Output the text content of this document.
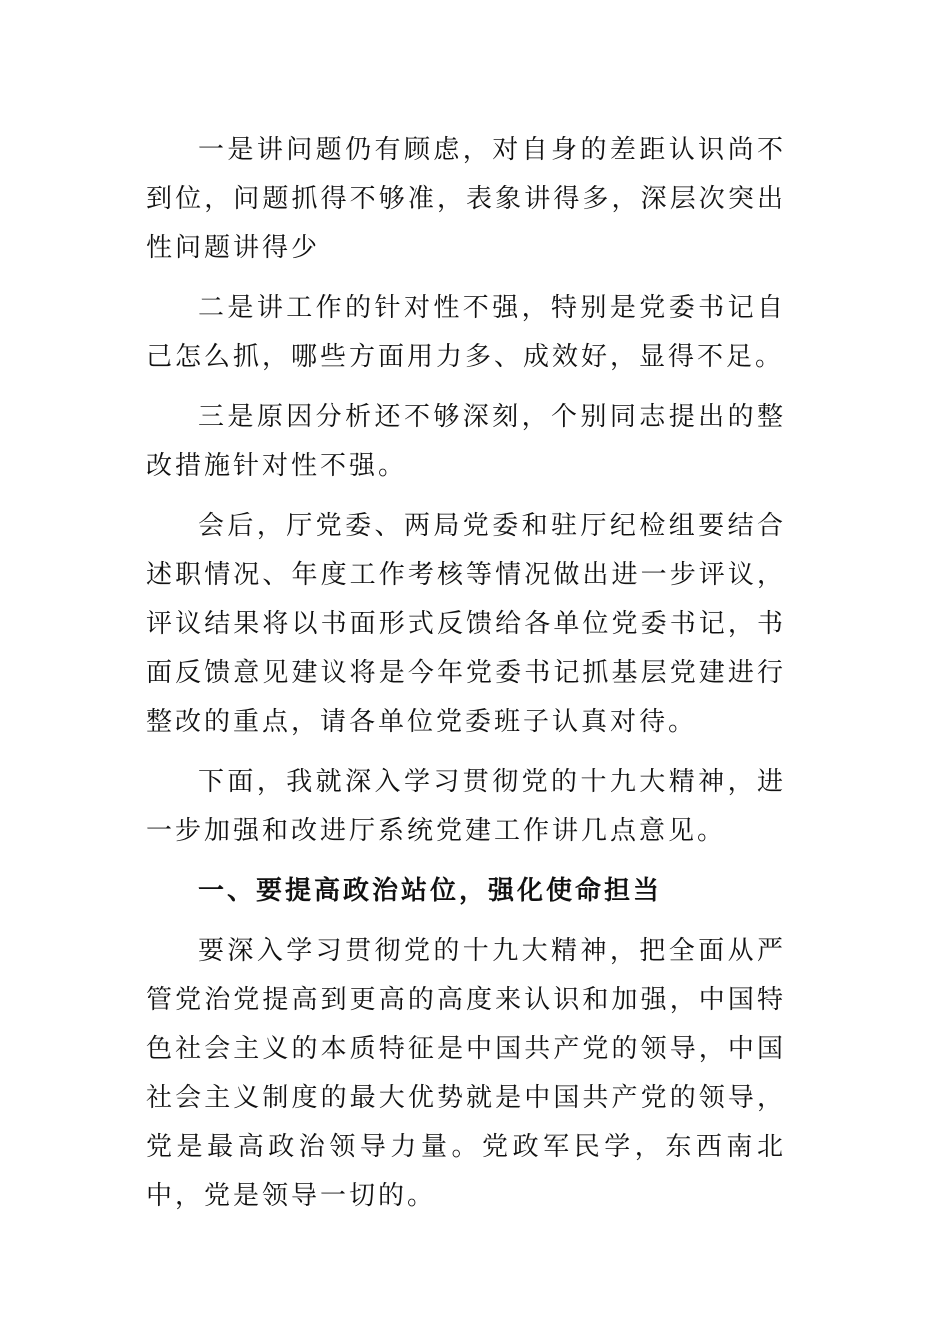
一是讲问题仍有顾虑，对自身的差距认识尚不到位，问题抓得不够准，表象讲得多，深层次突出性问题讲得少

二是讲工作的针对性不强，特别是党委书记自己怎么抓，哪些方面用力多、成效好，显得不足。

三是原因分析还不够深刻，个别同志提出的整改措施针对性不强。

会后，厅党委、两局党委和驻厅纪检组要结合述职情况、年度工作考核等情况做出进一步评议，评议结果将以书面形式反馈给各单位党委书记，书面反馈意见建议将是今年党委书记抓基层党建进行整改的重点，请各单位党委班子认真对待。

下面，我就深入学习贯彻党的十九大精神，进一步加强和改进厅系统党建工作讲几点意见。

一、要提高政治站位，强化使命担当

要深入学习贯彻党的十九大精神，把全面从严管党治党提高到更高的高度来认识和加强，中国特色社会主义的本质特征是中国共产党的领导，中国社会主义制度的最大优势就是中国共产党的领导，党是最高政治领导力量。党政军民学，东西南北中，党是领导一切的。
